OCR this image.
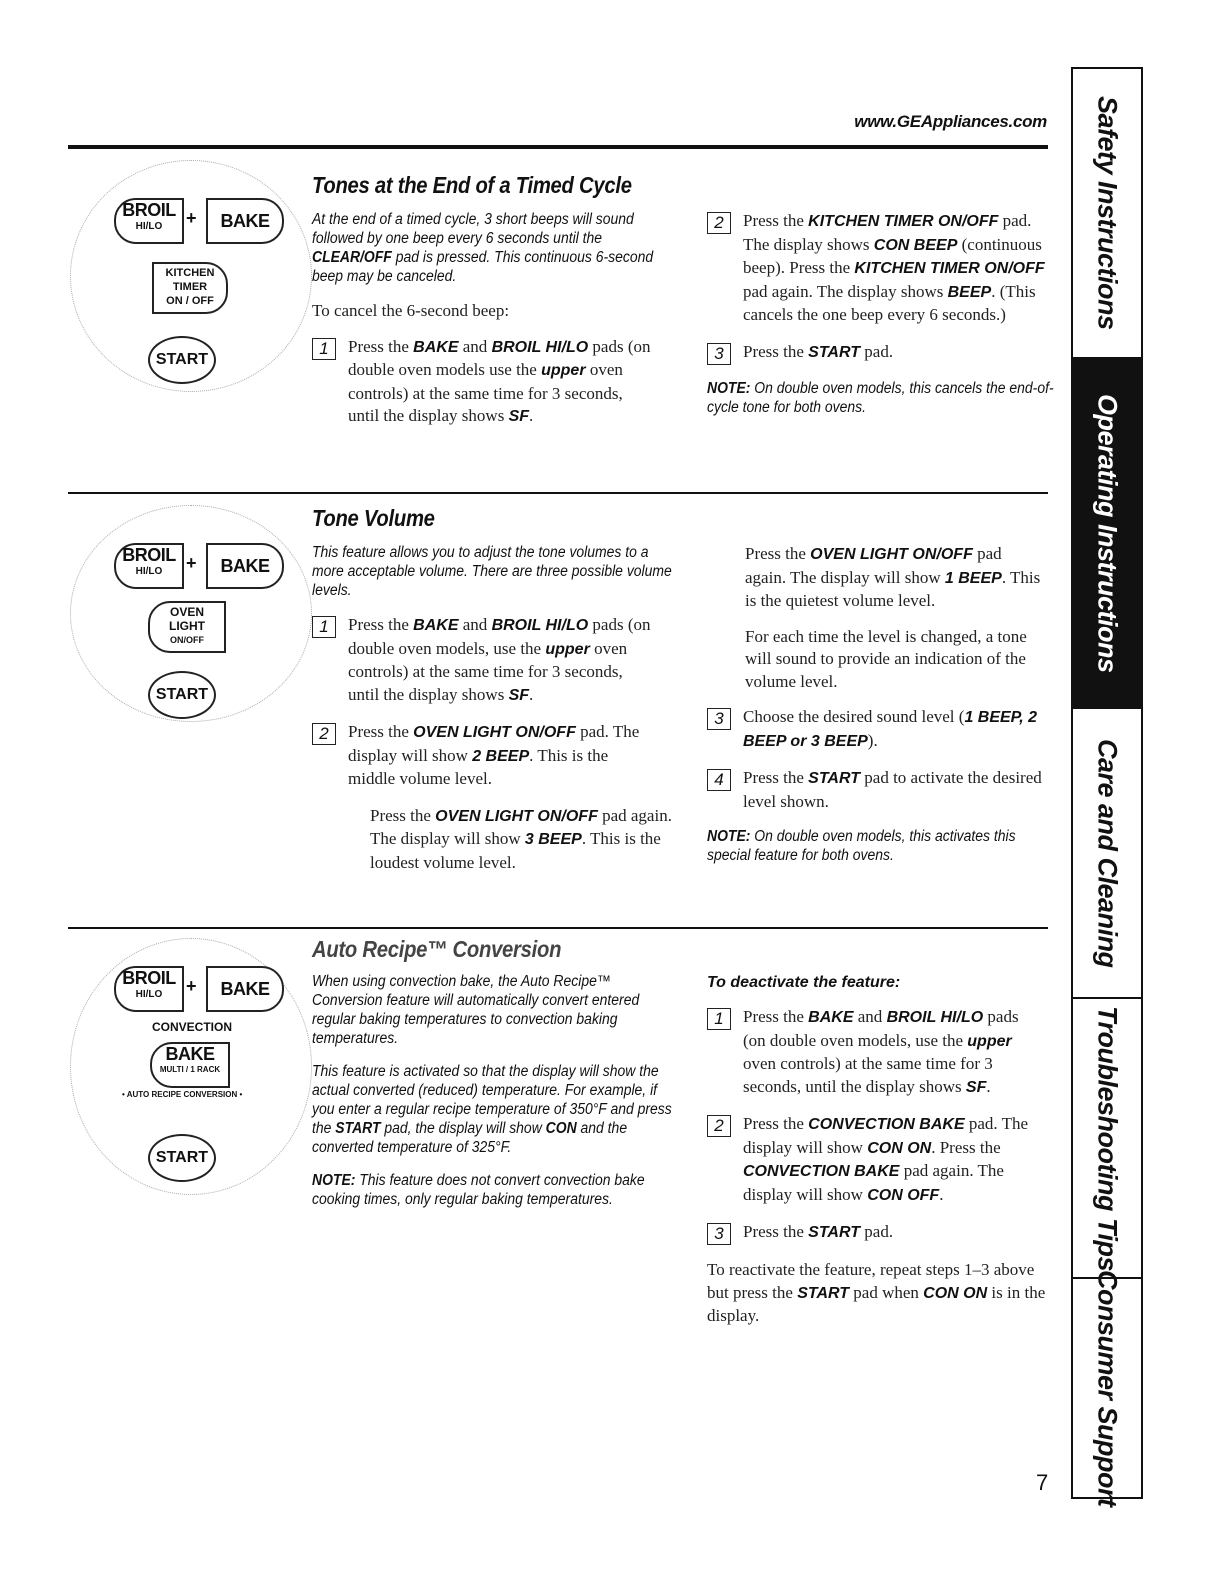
www.GEAppliances.com
BROIL
HI/LO	+	BAKE
KITCHEN
TIMER
ON / OFF
START
Tones at the End of a Timed Cycle

At the end of a timed cycle, 3 short beeps will sound followed by one beep every 6 seconds until the CLEAR/OFF pad is pressed. This continuous 6-second beep may be canceled.

To cancel the 6-second beep:

1	Press the BAKE and BROIL HI/LO pads (on double oven models use the upper oven controls) at the same time for 3 seconds, until the display shows SF.

2	Press the KITCHEN TIMER ON/OFF pad. The display shows CON BEEP (continuous beep). Press the KITCHEN TIMER ON/OFF pad again. The display shows BEEP. (This cancels the one beep every 6 seconds.)

3	Press the START pad.

NOTE: On double oven models, this cancels the end-of-cycle tone for both ovens.

BROIL
HI/LO	+	BAKE
OVEN
LIGHT
ON/OFF
START
Tone Volume

This feature allows you to adjust the tone volumes to a more acceptable volume. There are three possible volume levels.

1	Press the BAKE and BROIL HI/LO pads (on double oven models, use the upper oven controls) at the same time for 3 seconds, until the display shows SF.

2	Press the OVEN LIGHT ON/OFF pad. The display will show 2 BEEP. This is the middle volume level.

Press the OVEN LIGHT ON/OFF pad again. The display will show 3 BEEP. This is the loudest volume level.

Press the OVEN LIGHT ON/OFF pad again. The display will show 1 BEEP. This is the quietest volume level.

For each time the level is changed, a tone will sound to provide an indication of the volume level.

3	Choose the desired sound level (1 BEEP, 2 BEEP or 3 BEEP).

4	Press the START pad to activate the desired level shown.

NOTE: On double oven models, this activates this special feature for both ovens.

BROIL
HI/LO	+	BAKE
CONVECTION
BAKE
MULTI / 1 RACK
• AUTO RECIPE CONVERSION •
START
Auto Recipe™ Conversion

When using convection bake, the Auto Recipe™ Conversion feature will automatically convert entered regular baking temperatures to convection baking temperatures.

This feature is activated so that the display will show the actual converted (reduced) temperature. For example, if you enter a regular recipe temperature of 350°F and press the START pad, the display will show CON and the converted temperature of 325°F.

NOTE: This feature does not convert convection bake cooking times, only regular baking temperatures.

To deactivate the feature:

1	Press the BAKE and BROIL HI/LO pads (on double oven models, use the upper oven controls) at the same time for 3 seconds, until the display shows SF.

2	Press the CONVECTION BAKE pad. The display will show CON ON. Press the CONVECTION BAKE pad again. The display will show CON OFF.

3	Press the START pad.

To reactivate the feature, repeat steps 1–3 above but press the START pad when CON ON is in the display.

Safety Instructions
Operating Instructions
Care and Cleaning
Troubleshooting Tips
Consumer Support
7
